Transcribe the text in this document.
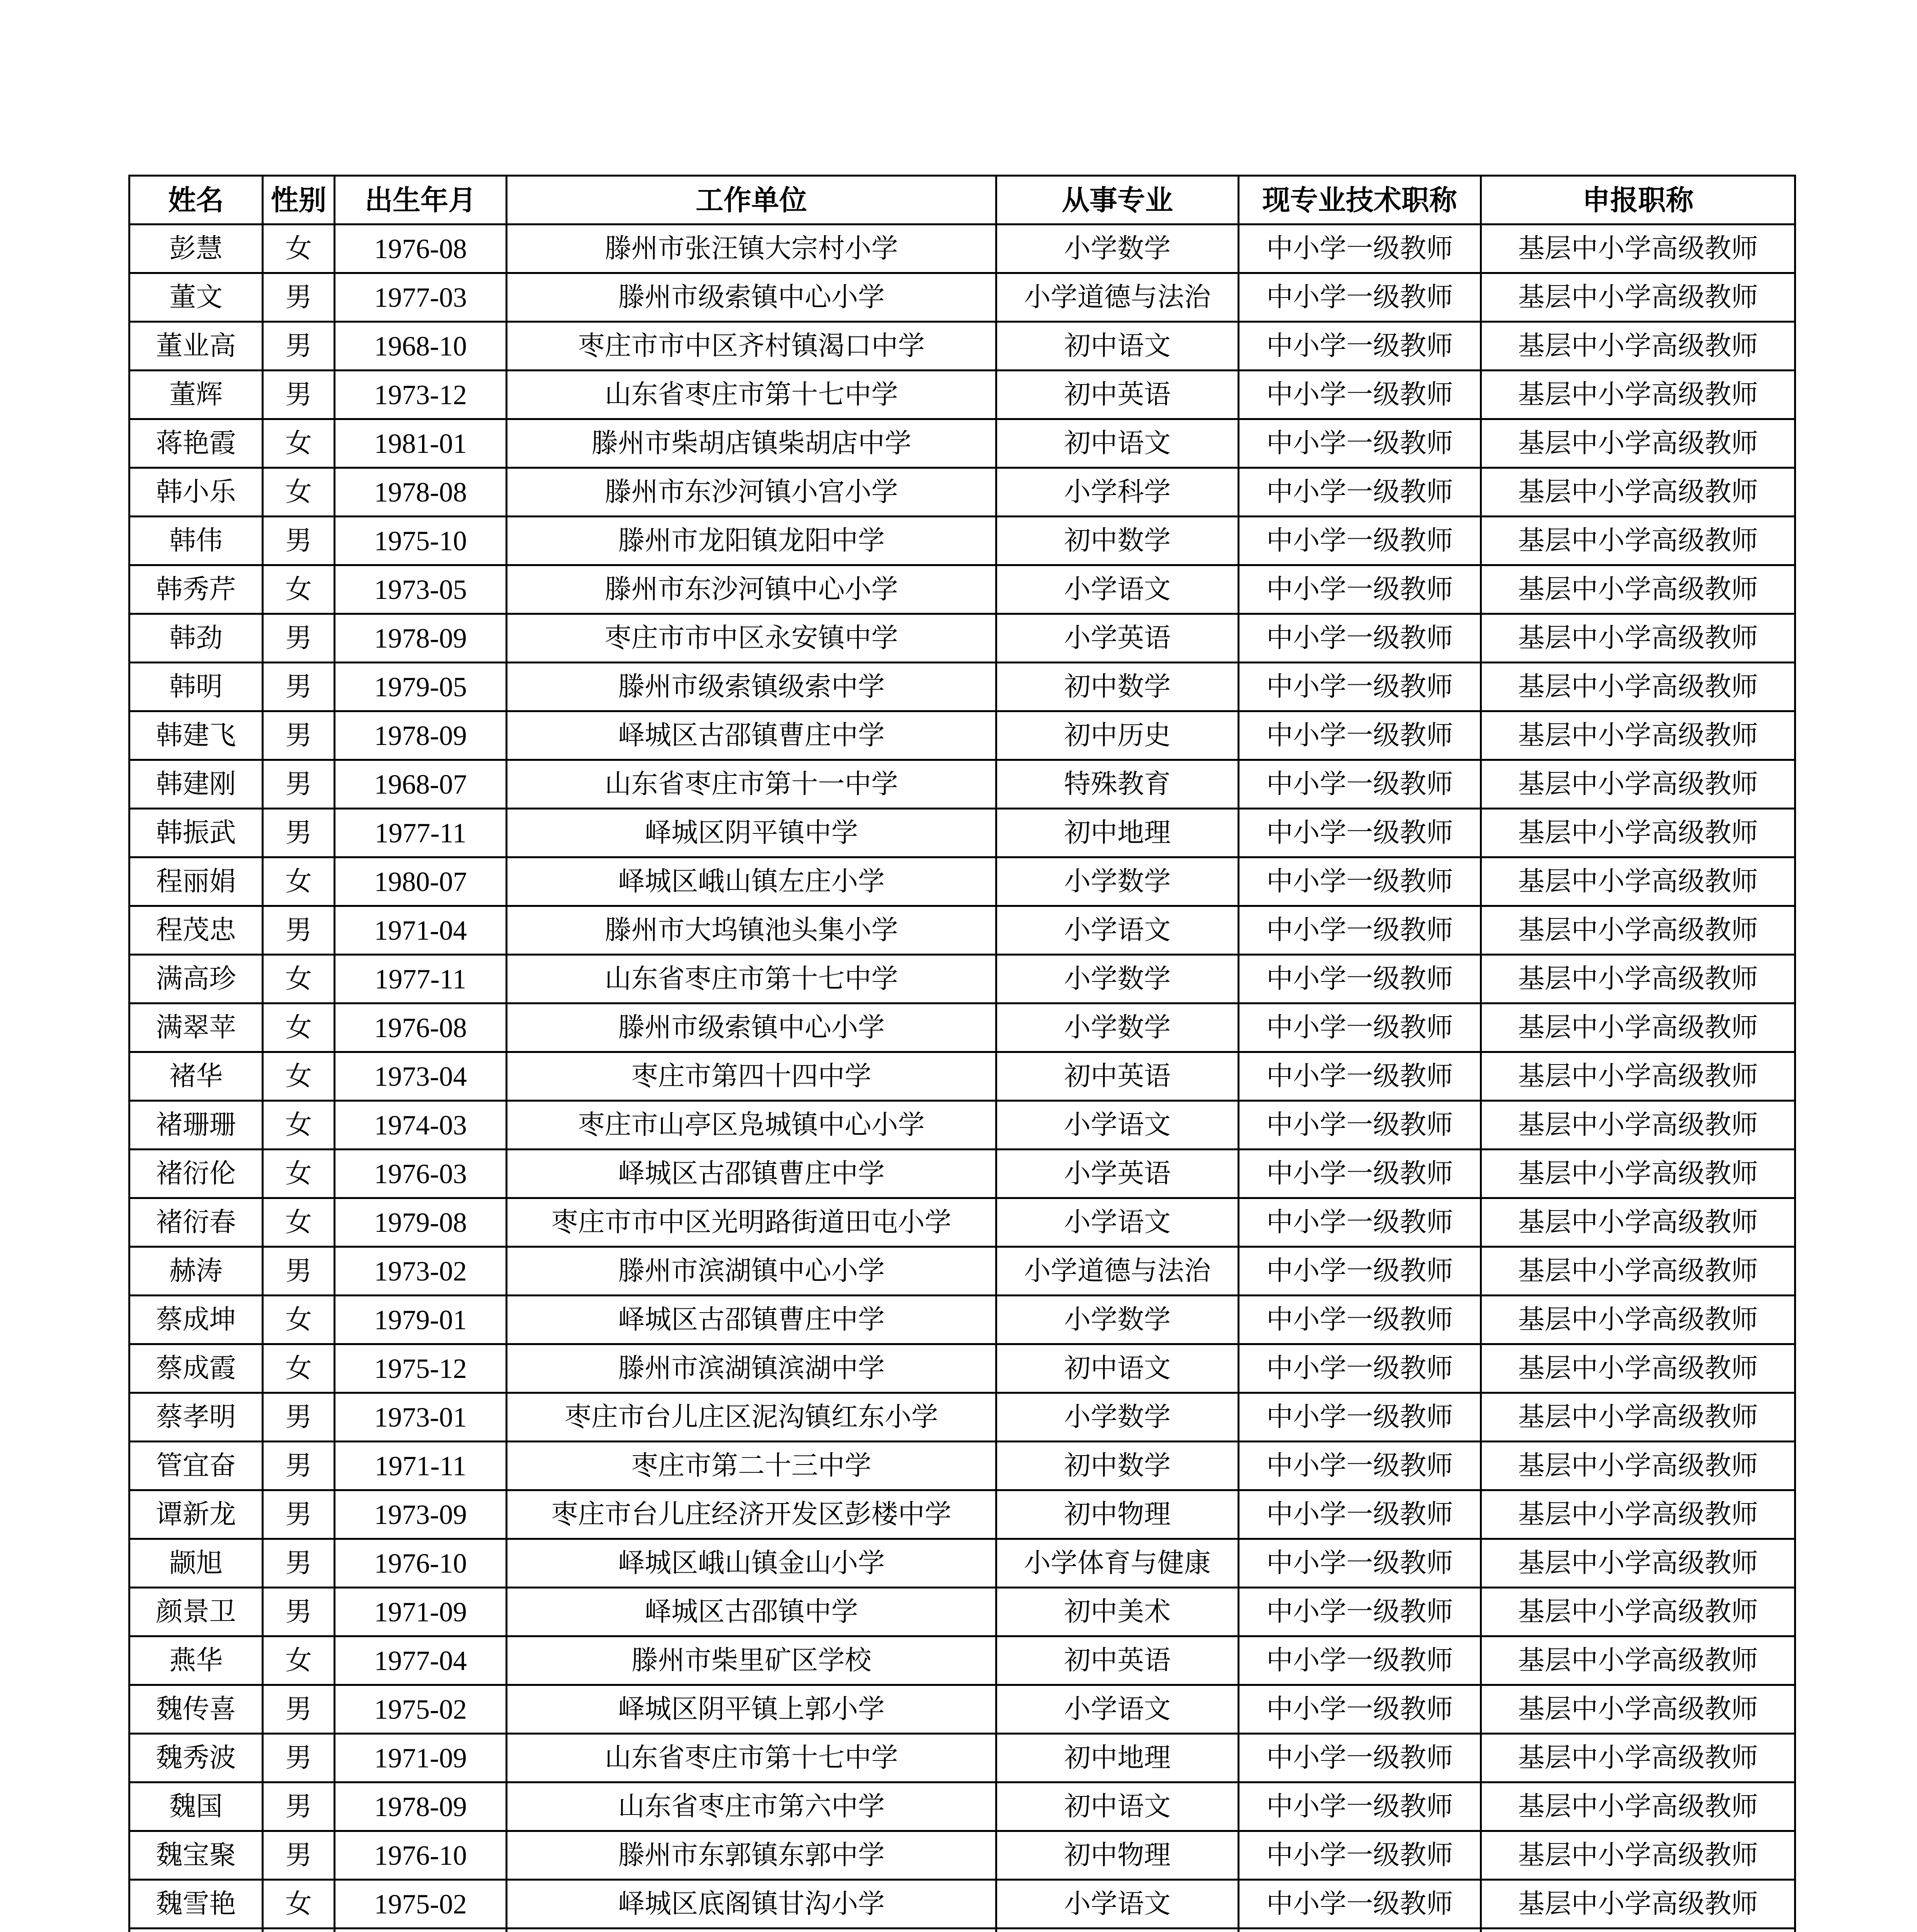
姓名	性别	出生年月	工作单位	从事专业	现专业技术职称	申报职称
彭慧	女	1976-08	滕州市张汪镇大宗村小学	小学数学	中小学一级教师	基层中小学高级教师
董文	男	1977-03	滕州市级索镇中心小学	小学道德与法治	中小学一级教师	基层中小学高级教师
董业高	男	1968-10	枣庄市市中区齐村镇渴口中学	初中语文	中小学一级教师	基层中小学高级教师
董辉	男	1973-12	山东省枣庄市第十七中学	初中英语	中小学一级教师	基层中小学高级教师
蒋艳霞	女	1981-01	滕州市柴胡店镇柴胡店中学	初中语文	中小学一级教师	基层中小学高级教师
韩小乐	女	1978-08	滕州市东沙河镇小宫小学	小学科学	中小学一级教师	基层中小学高级教师
韩伟	男	1975-10	滕州市龙阳镇龙阳中学	初中数学	中小学一级教师	基层中小学高级教师
韩秀芹	女	1973-05	滕州市东沙河镇中心小学	小学语文	中小学一级教师	基层中小学高级教师
韩劲	男	1978-09	枣庄市市中区永安镇中学	小学英语	中小学一级教师	基层中小学高级教师
韩明	男	1979-05	滕州市级索镇级索中学	初中数学	中小学一级教师	基层中小学高级教师
韩建飞	男	1978-09	峄城区古邵镇曹庄中学	初中历史	中小学一级教师	基层中小学高级教师
韩建刚	男	1968-07	山东省枣庄市第十一中学	特殊教育	中小学一级教师	基层中小学高级教师
韩振武	男	1977-11	峄城区阴平镇中学	初中地理	中小学一级教师	基层中小学高级教师
程丽娟	女	1980-07	峄城区峨山镇左庄小学	小学数学	中小学一级教师	基层中小学高级教师
程茂忠	男	1971-04	滕州市大坞镇池头集小学	小学语文	中小学一级教师	基层中小学高级教师
满高珍	女	1977-11	山东省枣庄市第十七中学	小学数学	中小学一级教师	基层中小学高级教师
满翠苹	女	1976-08	滕州市级索镇中心小学	小学数学	中小学一级教师	基层中小学高级教师
褚华	女	1973-04	枣庄市第四十四中学	初中英语	中小学一级教师	基层中小学高级教师
褚珊珊	女	1974-03	枣庄市山亭区凫城镇中心小学	小学语文	中小学一级教师	基层中小学高级教师
褚衍伦	女	1976-03	峄城区古邵镇曹庄中学	小学英语	中小学一级教师	基层中小学高级教师
褚衍春	女	1979-08	枣庄市市中区光明路街道田屯小学	小学语文	中小学一级教师	基层中小学高级教师
赫涛	男	1973-02	滕州市滨湖镇中心小学	小学道德与法治	中小学一级教师	基层中小学高级教师
蔡成坤	女	1979-01	峄城区古邵镇曹庄中学	小学数学	中小学一级教师	基层中小学高级教师
蔡成霞	女	1975-12	滕州市滨湖镇滨湖中学	初中语文	中小学一级教师	基层中小学高级教师
蔡孝明	男	1973-01	枣庄市台儿庄区泥沟镇红东小学	小学数学	中小学一级教师	基层中小学高级教师
管宜奋	男	1971-11	枣庄市第二十三中学	初中数学	中小学一级教师	基层中小学高级教师
谭新龙	男	1973-09	枣庄市台儿庄经济开发区彭楼中学	初中物理	中小学一级教师	基层中小学高级教师
颛旭	男	1976-10	峄城区峨山镇金山小学	小学体育与健康	中小学一级教师	基层中小学高级教师
颜景卫	男	1971-09	峄城区古邵镇中学	初中美术	中小学一级教师	基层中小学高级教师
燕华	女	1977-04	滕州市柴里矿区学校	初中英语	中小学一级教师	基层中小学高级教师
魏传喜	男	1975-02	峄城区阴平镇上郭小学	小学语文	中小学一级教师	基层中小学高级教师
魏秀波	男	1971-09	山东省枣庄市第十七中学	初中地理	中小学一级教师	基层中小学高级教师
魏国	男	1978-09	山东省枣庄市第六中学	初中语文	中小学一级教师	基层中小学高级教师
魏宝聚	男	1976-10	滕州市东郭镇东郭中学	初中物理	中小学一级教师	基层中小学高级教师
魏雪艳	女	1975-02	峄城区底阁镇甘沟小学	小学语文	中小学一级教师	基层中小学高级教师
